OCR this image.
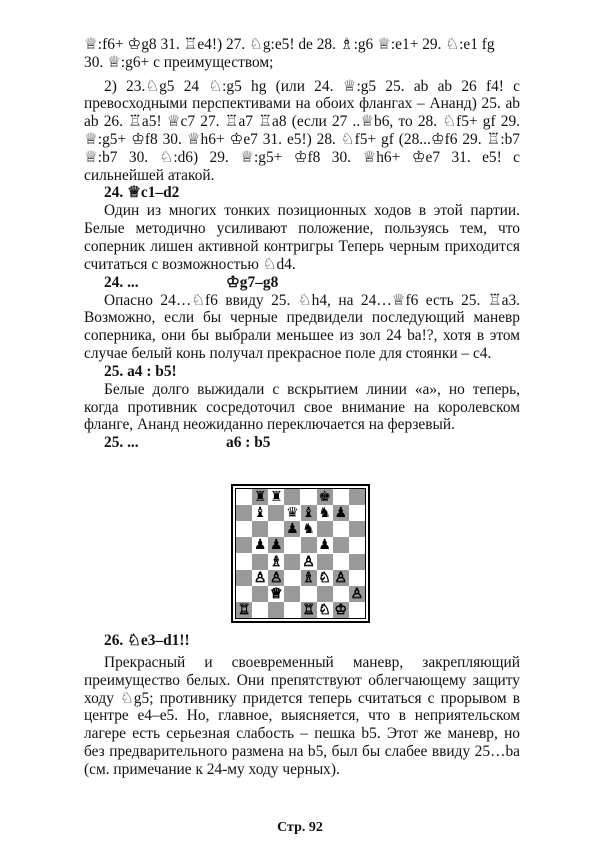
♕:f6+ ♔g8 31. ♖e4!) 27. ♘g:e5! de 28. ♗:g6 ♕:e1+ 29. ♘:e1 fg
30. ♕:g6+ с преимуществом;

2) 23.♘g5 24 ♘:g5 hg (или 24. ♕:g5 25. ab ab 26 f4! с превосходными перспективами на обоих флангах – Ананд) 25. ab ab 26. ♖a5! ♕c7 27. ♖a7 ♖a8 (если 27 ..♕b6, то 28. ♘f5+ gf 29. ♕:g5+ ♔f8 30. ♕h6+ ♔e7 31. e5!) 28. ♘f5+ gf (28...♔f6 29. ♖:b7 ♕:b7 30. ♘:d6) 29. ♕:g5+ ♔f8 30. ♕h6+ ♔e7 31. e5! с сильнейшей атакой.

24. ♕c1–d2

Один из многих тонких позиционных ходов в этой партии. Белые методично усиливают положение, пользуясь тем, что соперник лишен активной контригры Теперь черным приходится считаться с возможностью ♘d4.

24. ...	♔g7–g8

Опасно 24…♘f6 ввиду 25. ♘h4, на 24…♕f6 есть 25. ♖a3. Возможно, если бы черные предвидели последующий маневр соперника, они бы выбрали меньшее из зол 24 ba!?, хотя в этом случае белый конь получал прекрасное поле для стоянки – c4.

25. a4 : b5!

Белые долго выжидали с вскрытием линии «а», но теперь, когда противник сосредоточил свое внимание на королевском фланге, Ананд неожиданно переключается на ферзевый.

25. ...	a6 : b5
♜ ♜	♚
♝ ♛ ♝ ♞ ♟
♟ ♞
♟ ♟	♟
♗ ♙
♙ ♙ ♗ ♘ ♙
♕	♙
♖	♖ ♘ ♔

26. ♘e3–d1!!

Прекрасный и своевременный маневр, закрепляющий преимущество белых. Они препятствуют облегчающему защиту ходу ♘g5; противнику придется теперь считаться с прорывом в центре e4–e5. Но, главное, выясняется, что в неприятельском лагере есть серьезная слабость – пешка b5. Этот же маневр, но без предварительного размена на b5, был бы слабее ввиду 25…ba (см. примечание к 24-му ходу черных).

Стр. 92
